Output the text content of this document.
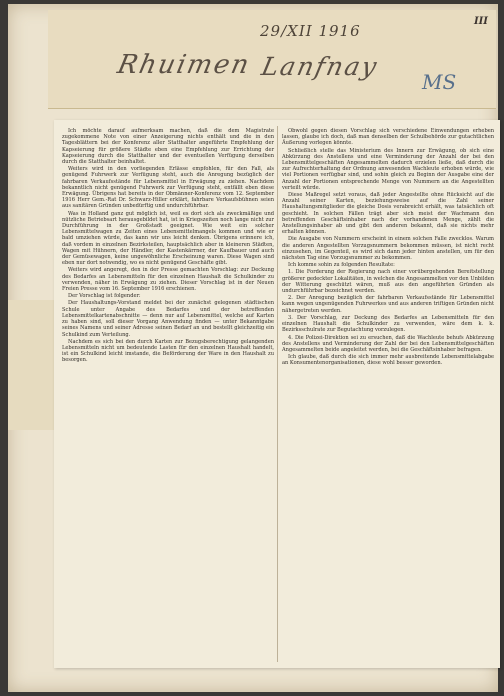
29/XII 1916
III
Rhuimen Lanfnay
MS

Ich möchte darauf aufmerksam machen, daß die dem Magistrate zugekommene Note von einer Anzeigerung nichts enthält und die in den Tagesblättern bei der Konferenz aller Statthalter angeführte Empfehlung der Kapseierung für größere Städte eben eine Empfehlung zur Errichtung der Kapseierung durch die Statthalter und der eventuellen Verfügung derselben durch die Statthalter beinhaltet.

Weiters wird in den vorliegenden Erlässe empfohlen, für den Fall, als genügend Fuhrwerk zur Verfügung steht, auch die Anregung bezüglich der fahrbaren Verkaufsstände für Lebensmittel in Erwägung zu ziehen. Nachdem bekanntlich nicht genügend Fuhrwerk zur Verfügung steht, entfällt eben diese Erwägung. Übrigens hat bereits in der Obmänner-Konferenz vom 12. September 1916 Herr Gem.-Rat Dr. Schwarz-Hiller erklärt, fahrbare Verkaufsbühnen seien aus sanitären Gründen unbedürftig und undurchführbar.

Was in Holland ganz gut möglich ist, weil es dort sich als zweckmäßige und nützliche Betriebsart herausgebildet hat, ist in Kriegszeiten noch lange nicht zur Durchführung in der Großstadt geeignet. Wie weit ein solcher Lebensmittelwagen zu Zeiten eines Lebensmittelmangels kommen und wie er bald umziehen würde, das kann wir uns leicht denken. Übrigens erinnere ich, daß vordem in einzelnen Bezirksteilen, hauptsächlich aber in kleineren Städten, Wagen mit Hühnern, der Händler, der Kastenkärrner, der Kaufbauer und auch der Gemüsewagen, keine ungewöhnliche Erscheinung waren. Diese Wagen sind eben nur dort notwendig, wo es nicht genügend Geschäfte gibt.

Weiters wird angeregt, den in der Presse gemachten Vorschlag: zur Deckung des Bedarfes an Lebensmitteln für den einzelnen Haushalt die Schulkinder zu verwenden, näher in Erwägung zu ziehen. Dieser Vorschlag ist in der Neuen Freien Presse vom 16. September 1916 erschienen.

Der Vorschlag ist folgender:

Der Haushaltungs-Vorstand meldet bei der zunächst gelegenen städtischen Schule unter Angabe des Bedarfes und der betreffenden Lebensmittelkartenabschnitte — denn nur auf Lebensmittel, welche auf Karten zu haben sind, soll dieser Vorgang Anwendung finden — unter Bekanntgabe seines Namens und seiner Adresse seinen Bedarf an und bestellt gleichzeitig ein Schulkind zum Verteilung.

Nachdem es sich bei den durch Karten zur Bezugsberechtigung gelangenden Lebensmitteln nicht um bedeutende Lasten für den einzelnen Haushalt handelt, ist ein Schulkind leicht imstande, die Beförderung der Ware in den Haushalt zu besorgen.

Obwohl gegen diesen Vorschlag sich verschiedene Einwendungen erheben lassen, glaube ich doch, daß man denselben der Schulbehörde zur gutachtlichen Äußerung vorlegen könnte.

Schließlich stelle das Ministerium des Innern zur Erwägung, ob sich eine Abkürzung des Anstellens und eine Verminderung der Anzahl der bei den Lebensmittelgeschäften Angesammelten dadurch erzielen ließe, daß durch die zur Aufrechterhaltung der Ordnung anwesenden Wachleute erhoben würde, wie viel Portionen verfügbar sind, und sohin gleich zu Beginn der Ausgabe eine der Anzahl der Portionen entsprechende Menge von Nummern an die Angestellten verteilt würde.

Diese Maßregel setzt voraus, daß jeder Angestellte ohne Rücksicht auf die Anzahl seiner Karten, beziehungsweise auf die Zahl seiner Haushaltungsmitglieder die gleiche Dosis verabreicht erhält, was tatsächlich oft geschieht. In solchen Fällen trägt aber sich meist der Wachmann den betreffenden Geschäftsinhaber nach der vorhandenen Menge, zählt die Anstellungsinhaber ab und gibt den anderen bekannt, daß sie nichts mehr erhalten können.

Die Ausgabe von Nummern erscheint in einem solchen Falle zwecklos. Warum die anderen Angestellten Vorzugsnummern bekommen müssen, ist nicht recht einzusehen, im Gegenteil, es wird sich dann jeder hinten anstellen, um für den nächsten Tag eine Vorzugsnummer zu bekommen.

Ich komme sohin zu folgenden Resultate:

1. Die Forderung der Regierung nach einer vorübergehenden Bereitstellung größerer gedeckter Lokalitäten, in welchen die Angesammelten vor den Unbilden der Witterung geschützt wären, muß aus den angeführten Gründen als undurchführbar bezeichnet werden.

2. Der Anregung bezüglich der fahrbaren Verkaufsstände für Lebensmittel kann wegen ungenügenden Fuhrwerkes und aus anderen triftigen Gründen nicht nähergetreten werden.

3. Der Vorschlag, zur Deckung des Bedarfes an Lebensmitteln für den einzelnen Haushalt die Schulkinder zu verwenden, wäre dem k. k. Bezirksschulrate zur Begutachtung vorzulegen.

4. Die Polizei-Direktion sei zu ersuchen, daß die Wachleute behufs Abkürzung des Anstellens und Verminderung der Zahl der bei den Lebensmittelgeschäften Angesammelten beide angeleitet werden, bei die Geschäftsinhaber befragen.

Ich glaube, daß durch die sich immer mehr ausbreitende Lebensmittelabgabe an Konsumentenorganisationen, diese wohl besser geworden.
